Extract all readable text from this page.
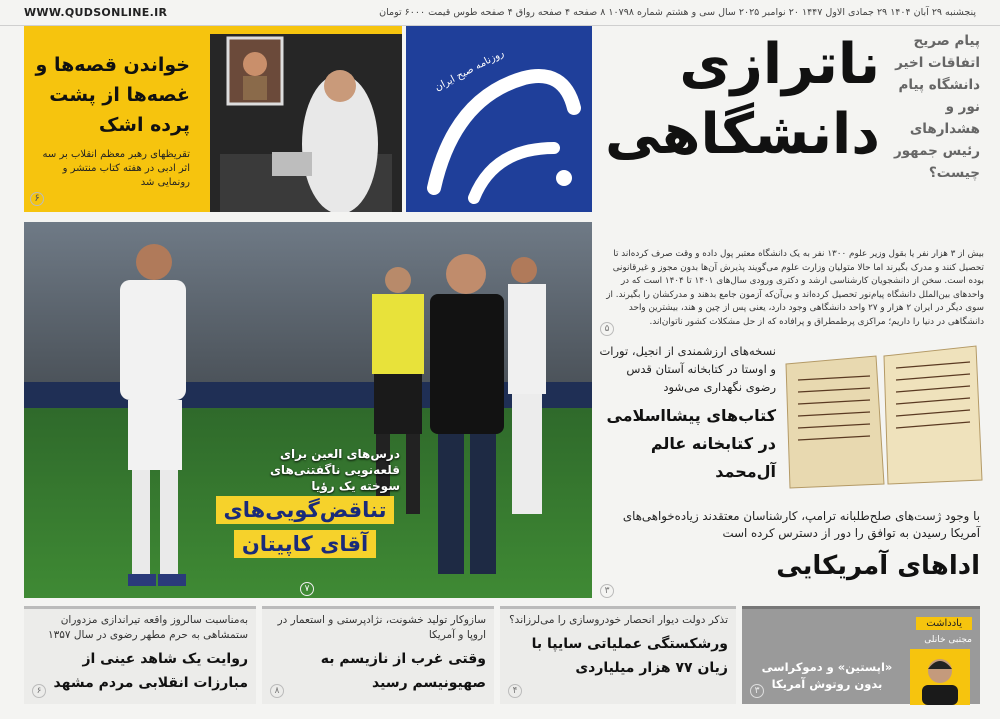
WWW.QUDSONLINE.IR	پنجشنبه ۲۹ آبان ۱۴۰۴ ۲۹ جمادی الاول ۱۴۴۷ ۲۰ نوامبر ۲۰۲۵ سال سی و هشتم شماره ۱۰۷۹۸ ۸ صفحه ۴ صفحه رواق ۴ صفحه طوس قیمت ۶۰۰۰ تومان
خواندن قصه‌ها و غصه‌ها از پشت پرده اشک
تقریظهای رهبر معظم انقلاب بر سه اثر ادبی در هفته کتاب منتشر و رونمایی شد
۶
روزنامه صبح ایران	ناترازی
دانشگاهی
پیام صریح اتفاقات اخیر دانشگاه پیام نور و هشدارهای رئیس جمهور چیست؟
بیش از ۳ هزار نفر یا بقول وزیر علوم ۱۳۰۰ نفر به یک دانشگاه معتبر پول داده و وقت صرف کرده‌اند تا تحصیل کنند و مدرک بگیرند اما حالا متولیان وزارت علوم می‌گویند پذیرش آن‌ها بدون مجوز و غیرقانونی بوده است. سخن از دانشجویان کارشناسی ارشد و دکتری ورودی سال‌های ۱۴۰۱ تا ۱۴۰۴ است که در واحدهای بین‌الملل دانشگاه پیام‌نور تحصیل کرده‌اند و بی‌آن‌که آزمون جامع بدهند و مدرکشان را بگیرند. از سوی دیگر در ایران ۲ هزار و ۲۷ واحد دانشگاهی وجود دارد، یعنی پس از چین و هند، بیشترین واحد دانشگاهی در دنیا را داریم؛ مراکزی پرطمطراق و پرافاده که از حل مشکلات کشور ناتوان‌اند.
۵
درس‌های العین برای قلعه‌نویی ناگفتنی‌های سوخته یک رؤیا
تناقض‌گویی‌های
آقای کاپیتان
۷
نسخه‌های ارزشمندی از انجیل، تورات و اوستا در کتابخانه آستان قدس رضوی نگهداری می‌شود
کتاب‌های پیشااسلامی در کتابخانه عالم آل‌محمد
با وجود ژست‌های صلح‌طلبانه ترامپ، کارشناسان معتقدند زیاده‌خواهی‌های آمریکا رسیدن به توافق را دور از دسترس کرده است
اداهای آمریکایی
۳
به‌مناسبت سالروز واقعه تیراندازی مزدوران ستمشاهی به حرم مطهر رضوی در سال ۱۳۵۷
روایت یک شاهد عینی از مبارزات انقلابی مردم مشهد
۶
سازوکار تولید خشونت، نژادپرستی و استعمار در اروپا و آمریکا
وقتی غرب از نازیسم به صهیونیسم رسید
۸
تذکر دولت دیوار انحصار خودروسازی را می‌لرزاند؟
ورشکستگی عملیاتی سایپا با زیان ۷۷ هزار میلیاردی
۴
یادداشت
مجتبی خانلی
«اپستین» و دموکراسی بدون روتوش آمریکا
۳
